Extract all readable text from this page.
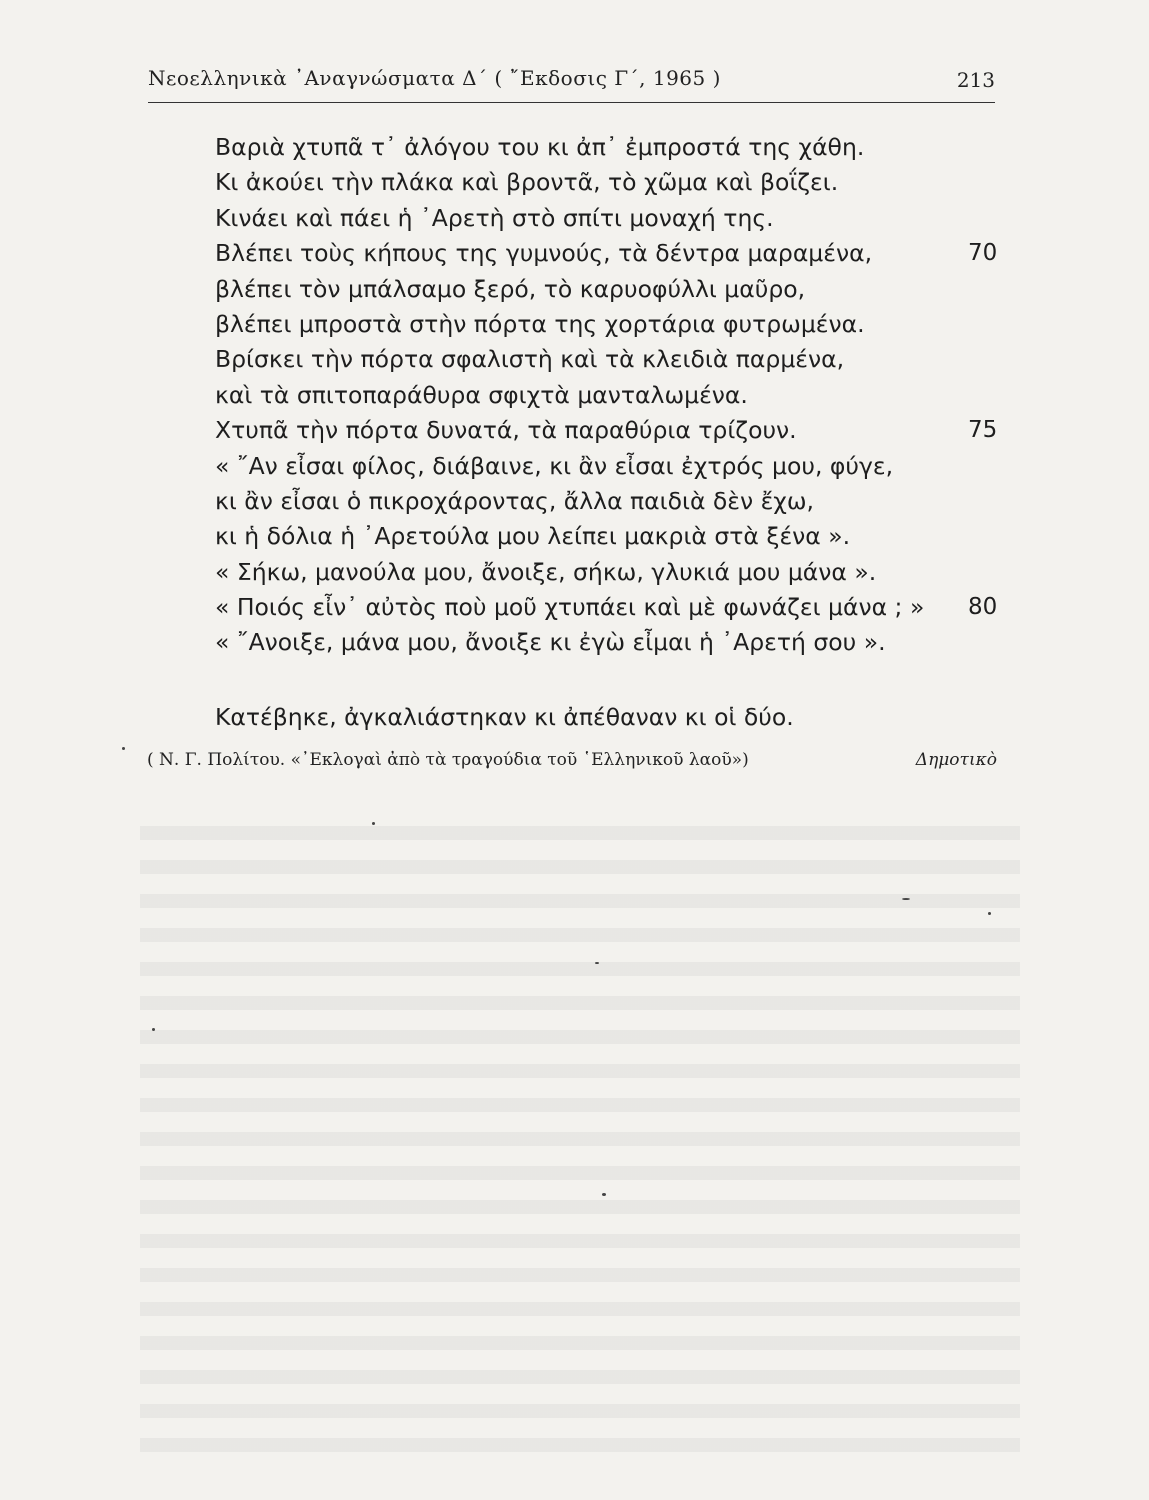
Νεοελληνικὰ ᾿Αναγνώσματα Δ΄ ( ῎Εκδοσις Γ΄, 1965 )	213
Βαριὰ χτυπᾶ τ᾽ ἀλόγου του κι ἀπ᾽ ἐμπροστά της χάθη.
Κι ἀκούει τὴν πλάκα καὶ βροντᾶ, τὸ χῶμα καὶ βοΐζει.
Κινάει καὶ πάει ἡ ᾿Αρετὴ στὸ σπίτι μοναχή της.
Βλέπει τοὺς κήπους της γυμνούς, τὰ δέντρα μαραμένα,	70
βλέπει τὸν μπάλσαμο ξερό, τὸ καρυοφύλλι μαῦρο,
βλέπει μπροστὰ στὴν πόρτα της χορτάρια φυτρωμένα.
Βρίσκει τὴν πόρτα σφαλιστὴ καὶ τὰ κλειδιὰ παρμένα,
καὶ τὰ σπιτοπαράθυρα σφιχτὰ μανταλωμένα.
Χτυπᾶ τὴν πόρτα δυνατά, τὰ παραθύρια τρίζουν.	75
« ῎Αν εἶσαι φίλος, διάβαινε, κι ἂν εἶσαι ἐχτρός μου, φύγε,
κι ἂν εἶσαι ὁ πικροχάροντας, ἄλλα παιδιὰ δὲν ἔχω,
κι ἡ δόλια ἡ ᾿Αρετούλα μου λείπει μακριὰ στὰ ξένα ».
« Σήκω, μανούλα μου, ἄνοιξε, σήκω, γλυκιά μου μάνα ».
« Ποιός εἶν᾽ αὐτὸς ποὺ μοῦ χτυπάει καὶ μὲ φωνάζει μάνα ; » 80
« ῎Ανοιξε, μάνα μου, ἄνοιξε κι ἐγὼ εἶμαι ἡ ᾿Αρετή σου ».
Κατέβηκε, ἀγκαλιάστηκαν κι ἀπέθαναν κι οἱ δύο.
( Ν. Γ. Πολίτου. «᾿Εκλογαὶ ἀπὸ τὰ τραγούδια τοῦ ῾Ελληνικοῦ λαοῦ»)	Δημοτικὸ
